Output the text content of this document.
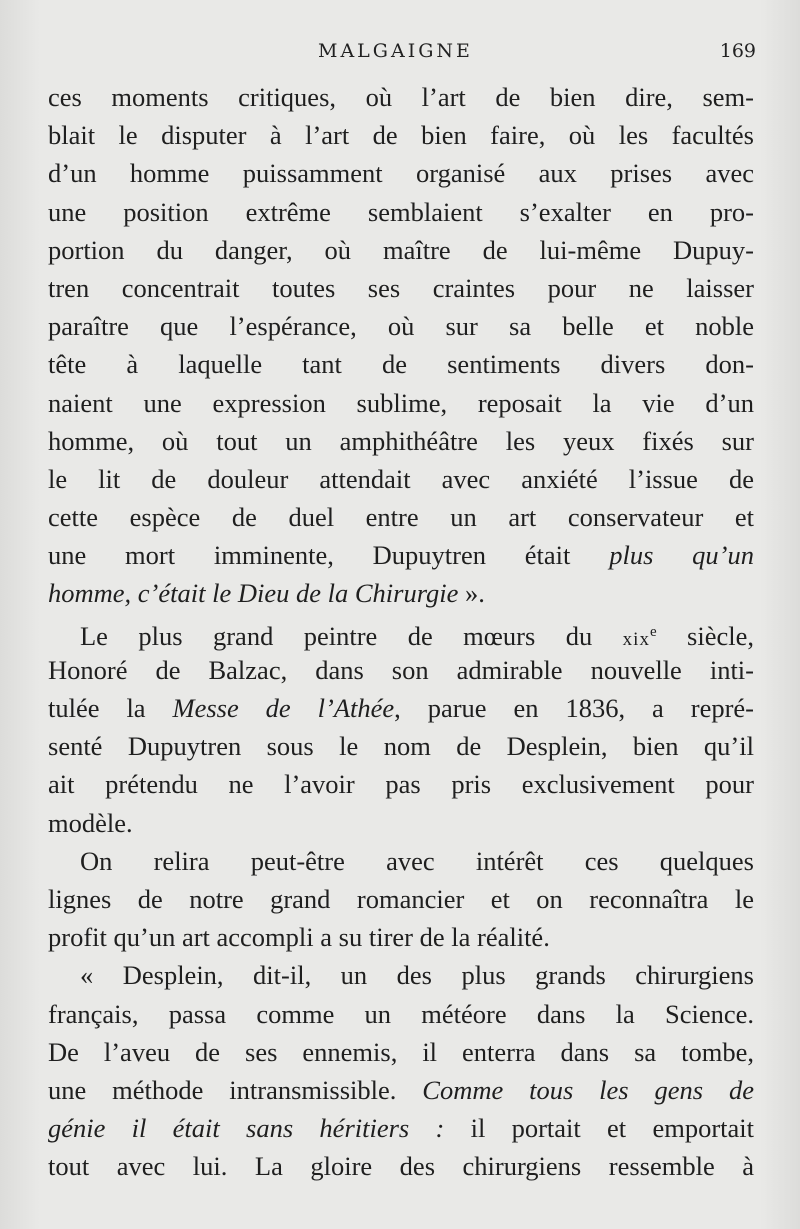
MALGAIGNE	169
ces moments critiques, où l’art de bien dire, sem-
blait le disputer à l’art de bien faire, où les facultés
d’un homme puissamment organisé aux prises avec
une position extrême semblaient s’exalter en pro-
portion du danger, où maître de lui-même Dupuy-
tren concentrait toutes ses craintes pour ne laisser
paraître que l’espérance, où sur sa belle et noble
tête à laquelle tant de sentiments divers don-
naient une expression sublime, reposait la vie d’un
homme, où tout un amphithéâtre les yeux fixés sur
le lit de douleur attendait avec anxiété l’issue de
cette espèce de duel entre un art conservateur et
une mort imminente, Dupuytren était plus qu’un
homme, c’était le Dieu de la Chirurgie ».
Le plus grand peintre de mœurs du xix$^e$ siècle,
Honoré de Balzac, dans son admirable nouvelle inti-
tulée la Messe de l’Athée, parue en 1836, a repré-
senté Dupuytren sous le nom de Desplein, bien qu’il
ait prétendu ne l’avoir pas pris exclusivement pour
modèle.
On relira peut-être avec intérêt ces quelques
lignes de notre grand romancier et on reconnaîtra le
profit qu’un art accompli a su tirer de la réalité.
« Desplein, dit-il, un des plus grands chirurgiens
français, passa comme un météore dans la Science.
De l’aveu de ses ennemis, il enterra dans sa tombe,
une méthode intransmissible. Comme tous les gens de
génie il était sans héritiers : il portait et emportait
tout avec lui. La gloire des chirurgiens ressemble à
